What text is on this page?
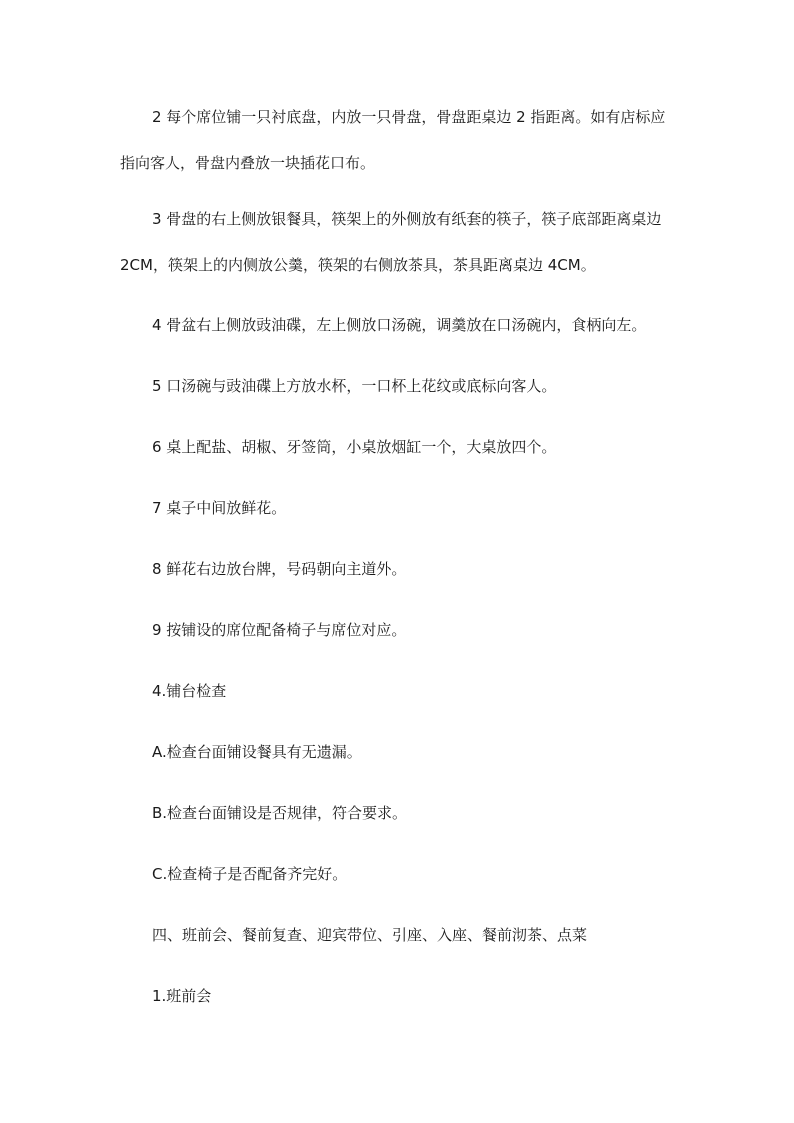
2 每个席位铺一只衬底盘，内放一只骨盘，骨盘距桌边 2 指距离。如有店标应指向客人，骨盘内叠放一块插花口布。

3 骨盘的右上侧放银餐具，筷架上的外侧放有纸套的筷子，筷子底部距离桌边 2CM，筷架上的内侧放公羹，筷架的右侧放茶具，茶具距离桌边 4CM。

4 骨盆右上侧放豉油碟，左上侧放口汤碗，调羹放在口汤碗内，食柄向左。

5 口汤碗与豉油碟上方放水杯，一口杯上花纹或底标向客人。

6 桌上配盐、胡椒、牙签筒，小桌放烟缸一个，大桌放四个。

7 桌子中间放鲜花。

8 鲜花右边放台牌，号码朝向主道外。

9 按铺设的席位配备椅子与席位对应。

4.铺台检查

A.检查台面铺设餐具有无遗漏。

B.检查台面铺设是否规律，符合要求。

C.检查椅子是否配备齐完好。

四、班前会、餐前复查、迎宾带位、引座、入座、餐前沏茶、点菜

1.班前会
